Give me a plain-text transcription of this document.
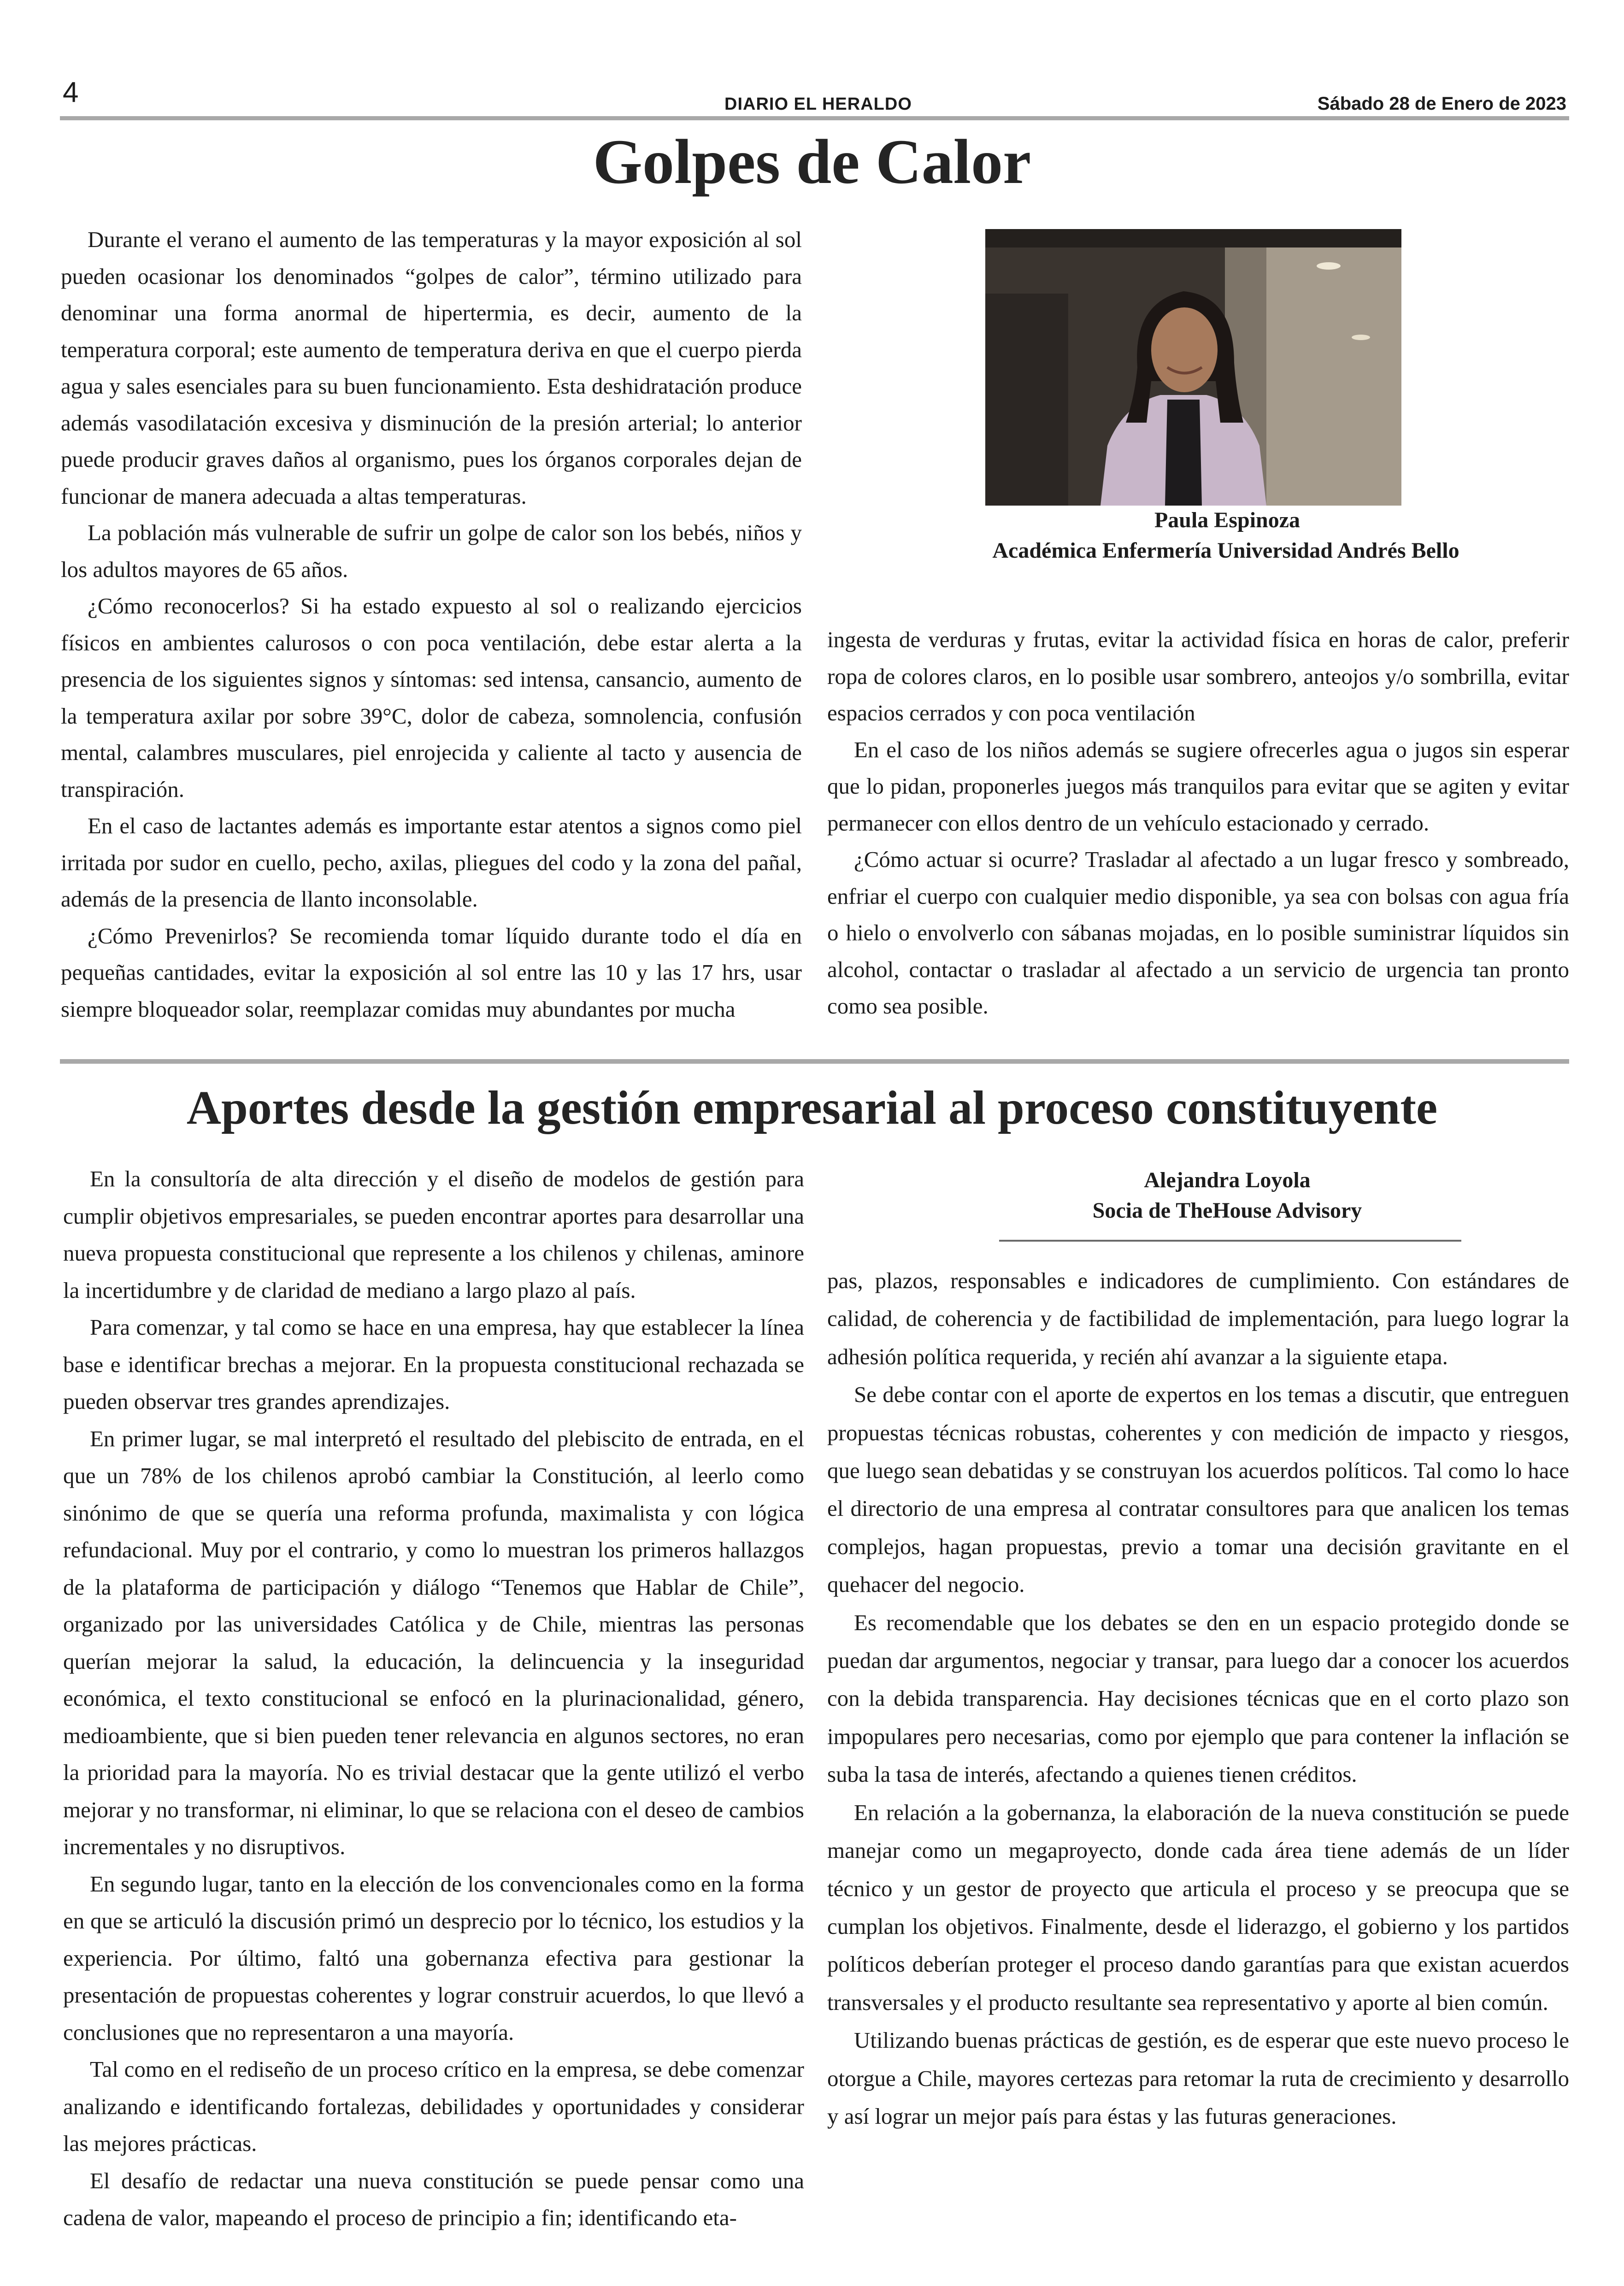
4	DIARIO EL HERALDO	Sábado 28 de Enero de 2023
Golpes de Calor

Durante el verano el aumento de las temperaturas y la mayor exposición al sol pueden ocasionar los denominados “golpes de calor”, término utilizado para denominar una forma anormal de hipertermia, es decir, aumento de la temperatura corporal; este aumento de temperatura deriva en que el cuerpo pierda agua y sales esenciales para su buen funcionamiento. Esta deshidratación produce además vasodilatación excesiva y disminución de la presión arterial; lo anterior puede producir graves daños al organismo, pues los órganos corporales dejan de funcionar de manera adecuada a altas temperaturas.

La población más vulnerable de sufrir un golpe de calor son los bebés, niños y los adultos mayores de 65 años.

¿Cómo reconocerlos? Si ha estado expuesto al sol o realizando ejercicios físicos en ambientes calurosos o con poca ventilación, debe estar alerta a la presencia de los siguientes signos y síntomas: sed intensa, cansancio, aumento de la temperatura axilar por sobre 39°C, dolor de cabeza, somnolencia, confusión mental, calambres musculares, piel enrojecida y caliente al tacto y ausencia de transpiración.

En el caso de lactantes además es importante estar atentos a signos como piel irritada por sudor en cuello, pecho, axilas, pliegues del codo y la zona del pañal, además de la presencia de llanto inconsolable.

¿Cómo Prevenirlos? Se recomienda tomar líquido durante todo el día en pequeñas cantidades, evitar la exposición al sol entre las 10 y las 17 hrs, usar siempre bloqueador solar, reemplazar comidas muy abundantes por mucha

Paula Espinoza
Académica Enfermería Universidad Andrés Bello

ingesta de verduras y frutas, evitar la actividad física en horas de calor, preferir ropa de colores claros, en lo posible usar sombrero, anteojos y/o sombrilla, evitar espacios cerrados y con poca ventilación

En el caso de los niños además se sugiere ofrecerles agua o jugos sin esperar que lo pidan, proponerles juegos más tranquilos para evitar que se agiten y evitar permanecer con ellos dentro de un vehículo estacionado y cerrado.

¿Cómo actuar si ocurre? Trasladar al afectado a un lugar fresco y sombreado, enfriar el cuerpo con cualquier medio disponible, ya sea con bolsas con agua fría o hielo o envolverlo con sábanas mojadas, en lo posible suministrar líquidos sin alcohol, contactar o trasladar al afectado a un servicio de urgencia tan pronto como sea posible.

Aportes desde la gestión empresarial al proceso constituyente

En la consultoría de alta dirección y el diseño de modelos de gestión para cumplir objetivos empresariales, se pueden encontrar aportes para desarrollar una nueva propuesta constitucional que represente a los chilenos y chilenas, aminore la incertidumbre y de claridad de mediano a largo plazo al país.

Para comenzar, y tal como se hace en una empresa, hay que establecer la línea base e identificar brechas a mejorar. En la propuesta constitucional rechazada se pueden observar tres grandes aprendizajes.

En primer lugar, se mal interpretó el resultado del plebiscito de entrada, en el que un 78% de los chilenos aprobó cambiar la Constitución, al leerlo como sinónimo de que se quería una reforma profunda, maximalista y con lógica refundacional. Muy por el contrario, y como lo muestran los primeros hallazgos de la plataforma de participación y diálogo “Tenemos que Hablar de Chile”, organizado por las universidades Católica y de Chile, mientras las personas querían mejorar la salud, la educación, la delincuencia y la inseguridad económica, el texto constitucional se enfocó en la plurinacionalidad, género, medioambiente, que si bien pueden tener relevancia en algunos sectores, no eran la prioridad para la mayoría. No es trivial destacar que la gente utilizó el verbo mejorar y no transformar, ni eliminar, lo que se relaciona con el deseo de cambios incrementales y no disruptivos.

En segundo lugar, tanto en la elección de los convencionales como en la forma en que se articuló la discusión primó un desprecio por lo técnico, los estudios y la experiencia. Por último, faltó una gobernanza efectiva para gestionar la presentación de propuestas coherentes y lograr construir acuerdos, lo que llevó a conclusiones que no representaron a una mayoría.

Tal como en el rediseño de un proceso crítico en la empresa, se debe comenzar analizando e identificando fortalezas, debilidades y oportunidades y considerar las mejores prácticas.

El desafío de redactar una nueva constitución se puede pensar como una cadena de valor, mapeando el proceso de principio a fin; identificando eta-

Alejandra Loyola
Socia de TheHouse Advisory

pas, plazos, responsables e indicadores de cumplimiento. Con estándares de calidad, de coherencia y de factibilidad de implementación, para luego lograr la adhesión política requerida, y recién ahí avanzar a la siguiente etapa.

Se debe contar con el aporte de expertos en los temas a discutir, que entreguen propuestas técnicas robustas, coherentes y con medición de impacto y riesgos, que luego sean debatidas y se construyan los acuerdos políticos. Tal como lo hace el directorio de una empresa al contratar consultores para que analicen los temas complejos, hagan propuestas, previo a tomar una decisión gravitante en el quehacer del negocio.

Es recomendable que los debates se den en un espacio protegido donde se puedan dar argumentos, negociar y transar, para luego dar a conocer los acuerdos con la debida transparencia. Hay decisiones técnicas que en el corto plazo son impopulares pero necesarias, como por ejemplo que para contener la inflación se suba la tasa de interés, afectando a quienes tienen créditos.

En relación a la gobernanza, la elaboración de la nueva constitución se puede manejar como un megaproyecto, donde cada área tiene además de un líder técnico y un gestor de proyecto que articula el proceso y se preocupa que se cumplan los objetivos. Finalmente, desde el liderazgo, el gobierno y los partidos políticos deberían proteger el proceso dando garantías para que existan acuerdos transversales y el producto resultante sea representativo y aporte al bien común.

Utilizando buenas prácticas de gestión, es de esperar que este nuevo proceso le otorgue a Chile, mayores certezas para retomar la ruta de crecimiento y desarrollo y así lograr un mejor país para éstas y las futuras generaciones.
